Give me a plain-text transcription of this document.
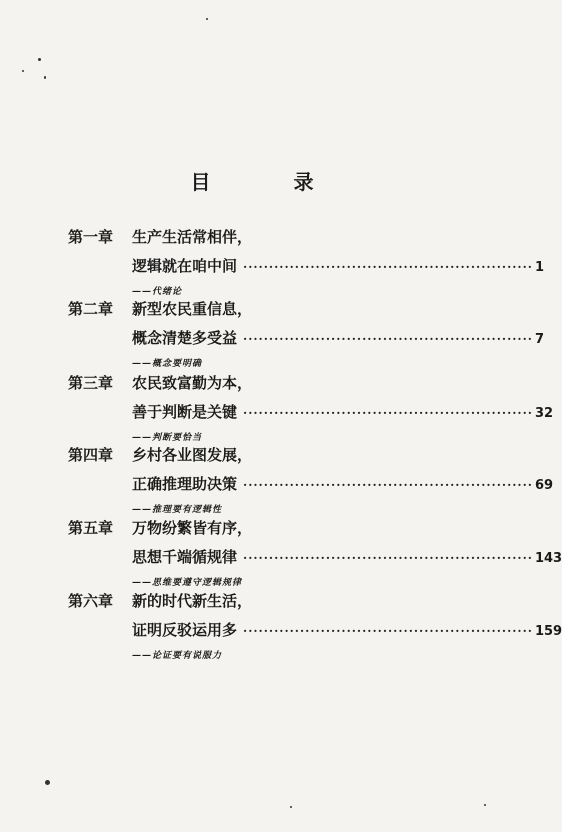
目 录
第一章	生产生活常相伴，
逻辑就在咱中间 ························································ 1
——代绪论
第二章	新型农民重信息，
概念清楚多受益 ························································ 7
——概念要明确
第三章	农民致富勤为本，
善于判断是关键 ························································ 32
——判断要恰当
第四章	乡村各业图发展，
正确推理助决策 ························································ 69
——推理要有逻辑性
第五章	万物纷繁皆有序，
思想千端循规律 ························································ 143
——思维要遵守逻辑规律
第六章	新的时代新生活，
证明反驳运用多 ························································ 159
——论证要有说服力
